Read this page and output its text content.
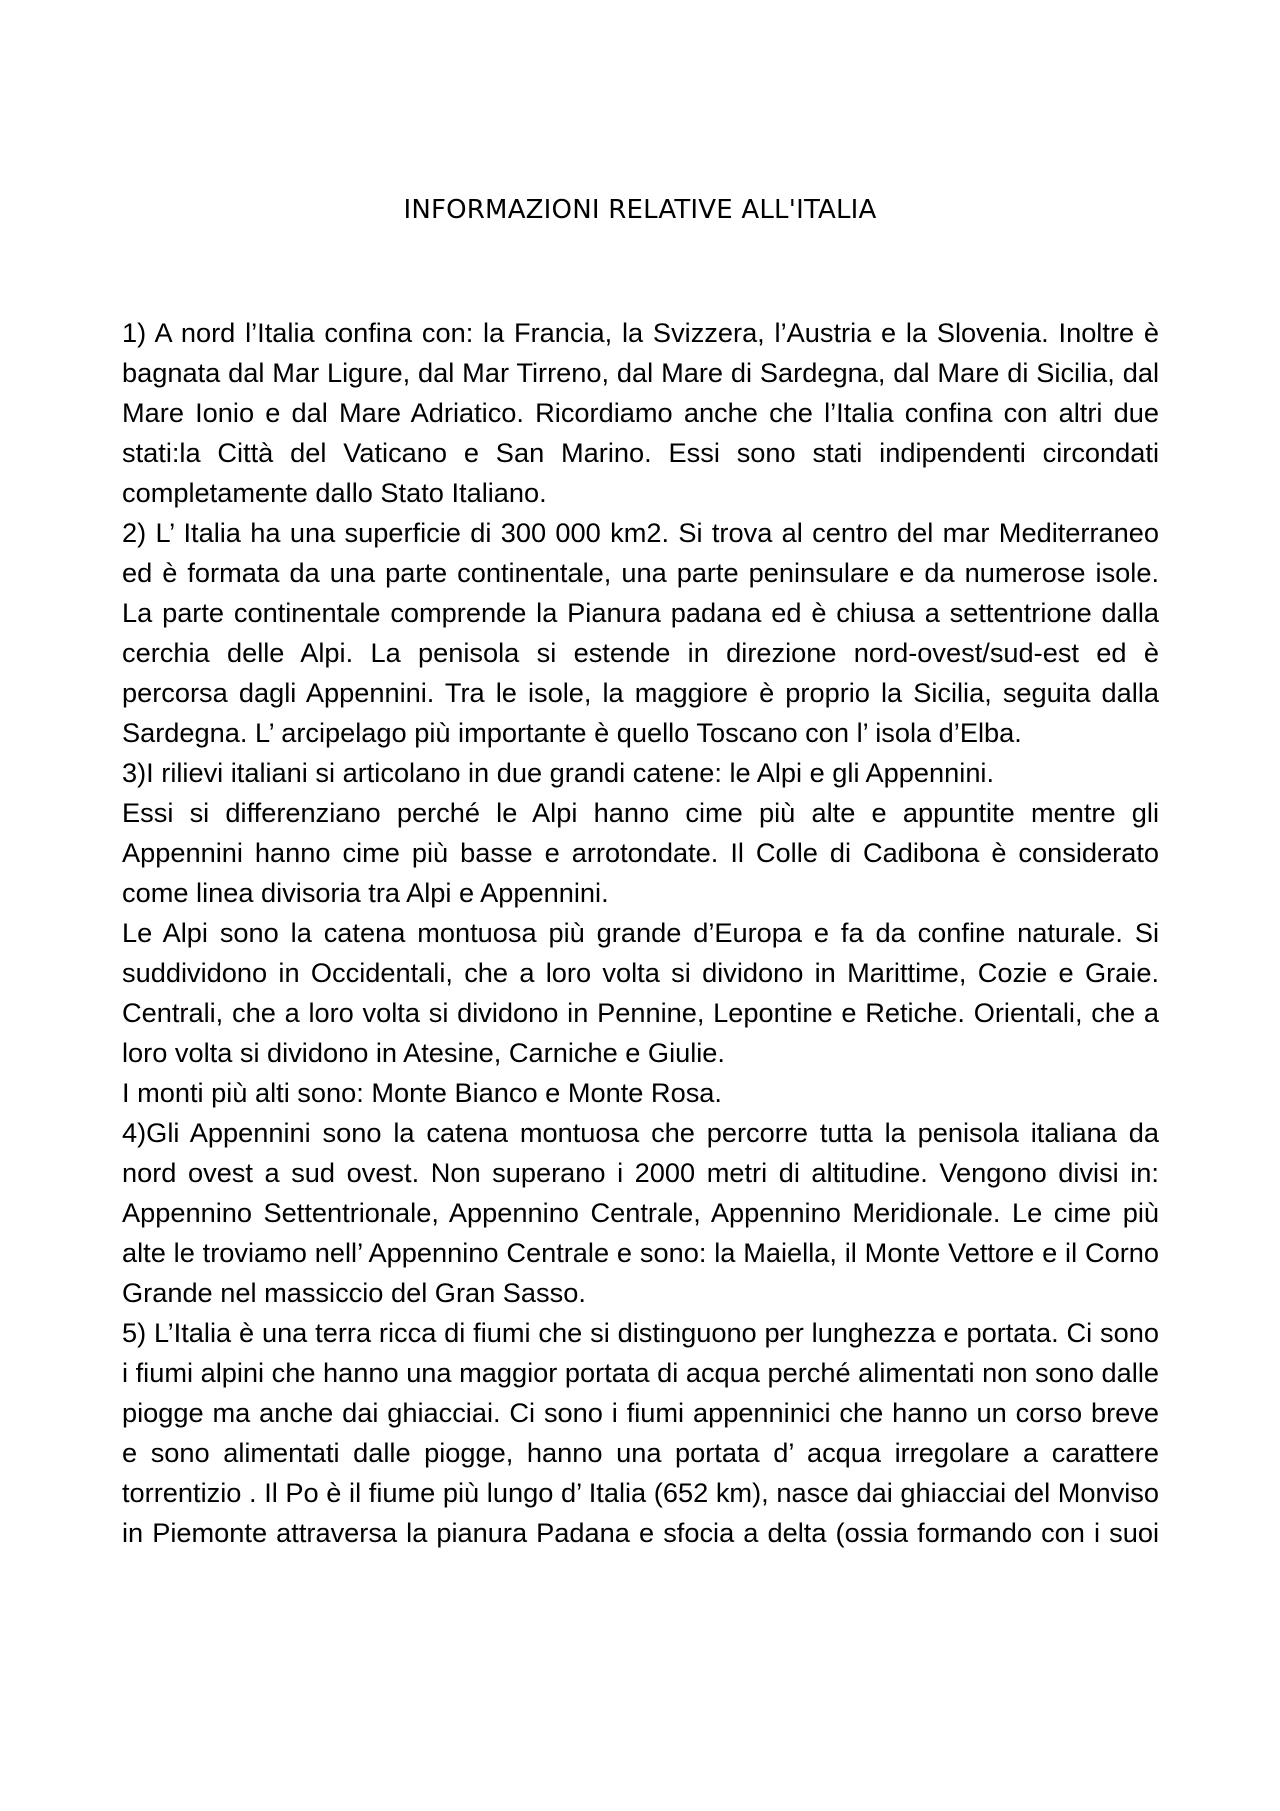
INFORMAZIONI RELATIVE ALL'ITALIA

1) A nord l’Italia confina con: la Francia, la Svizzera, l’Austria e la Slovenia. Inoltre è bagnata dal Mar Ligure, dal Mar Tirreno, dal Mare di Sardegna, dal Mare di Sicilia, dal Mare Ionio e dal Mare Adriatico. Ricordiamo anche che l’Italia confina con altri due stati:la Città del Vaticano e San Marino. Essi sono stati indipendenti circondati completamente dallo Stato Italiano.

2) L’ Italia ha una superficie di 300 000 km2. Si trova al centro del mar Mediterraneo ed è formata da una parte continentale, una parte peninsulare e da numerose isole. La parte continentale comprende la Pianura padana ed è chiusa a settentrione dalla cerchia delle Alpi. La penisola si estende in direzione nord-ovest/sud-est ed è percorsa dagli Appennini. Tra le isole, la maggiore è proprio la Sicilia, seguita dalla Sardegna. L’ arcipelago più importante è quello Toscano con l’ isola d’Elba.

3)I rilievi italiani si articolano in due grandi catene: le Alpi e gli Appennini.

Essi si differenziano perché le Alpi hanno cime più alte e appuntite mentre gli Appennini hanno cime più basse e arrotondate. Il Colle di Cadibona è considerato come linea divisoria tra Alpi e Appennini.

Le Alpi sono la catena montuosa più grande d’Europa e fa da confine naturale. Si suddividono in Occidentali, che a loro volta si dividono in Marittime, Cozie e Graie. Centrali, che a loro volta si dividono in Pennine, Lepontine e Retiche. Orientali, che a loro volta si dividono in Atesine, Carniche e Giulie.

I monti più alti sono: Monte Bianco e Monte Rosa.

4)Gli Appennini sono la catena montuosa che percorre tutta la penisola italiana da nord ovest a sud ovest. Non superano i 2000 metri di altitudine. Vengono divisi in: Appennino Settentrionale, Appennino Centrale, Appennino Meridionale. Le cime più alte le troviamo nell’ Appennino Centrale e sono: la Maiella, il Monte Vettore e il Corno Grande nel massiccio del Gran Sasso.

5) L’Italia è una terra ricca di fiumi che si distinguono per lunghezza e portata. Ci sono i fiumi alpini che hanno una maggior portata di acqua perché alimentati non sono dalle piogge ma anche dai ghiacciai. Ci sono i fiumi appenninici che hanno un corso breve e sono alimentati dalle piogge, hanno una portata d’ acqua irregolare a carattere torrentizio . Il Po è il fiume più lungo d’ Italia (652 km), nasce dai ghiacciai del Monviso in Piemonte attraversa la pianura Padana e sfocia a delta (ossia formando con i suoi
